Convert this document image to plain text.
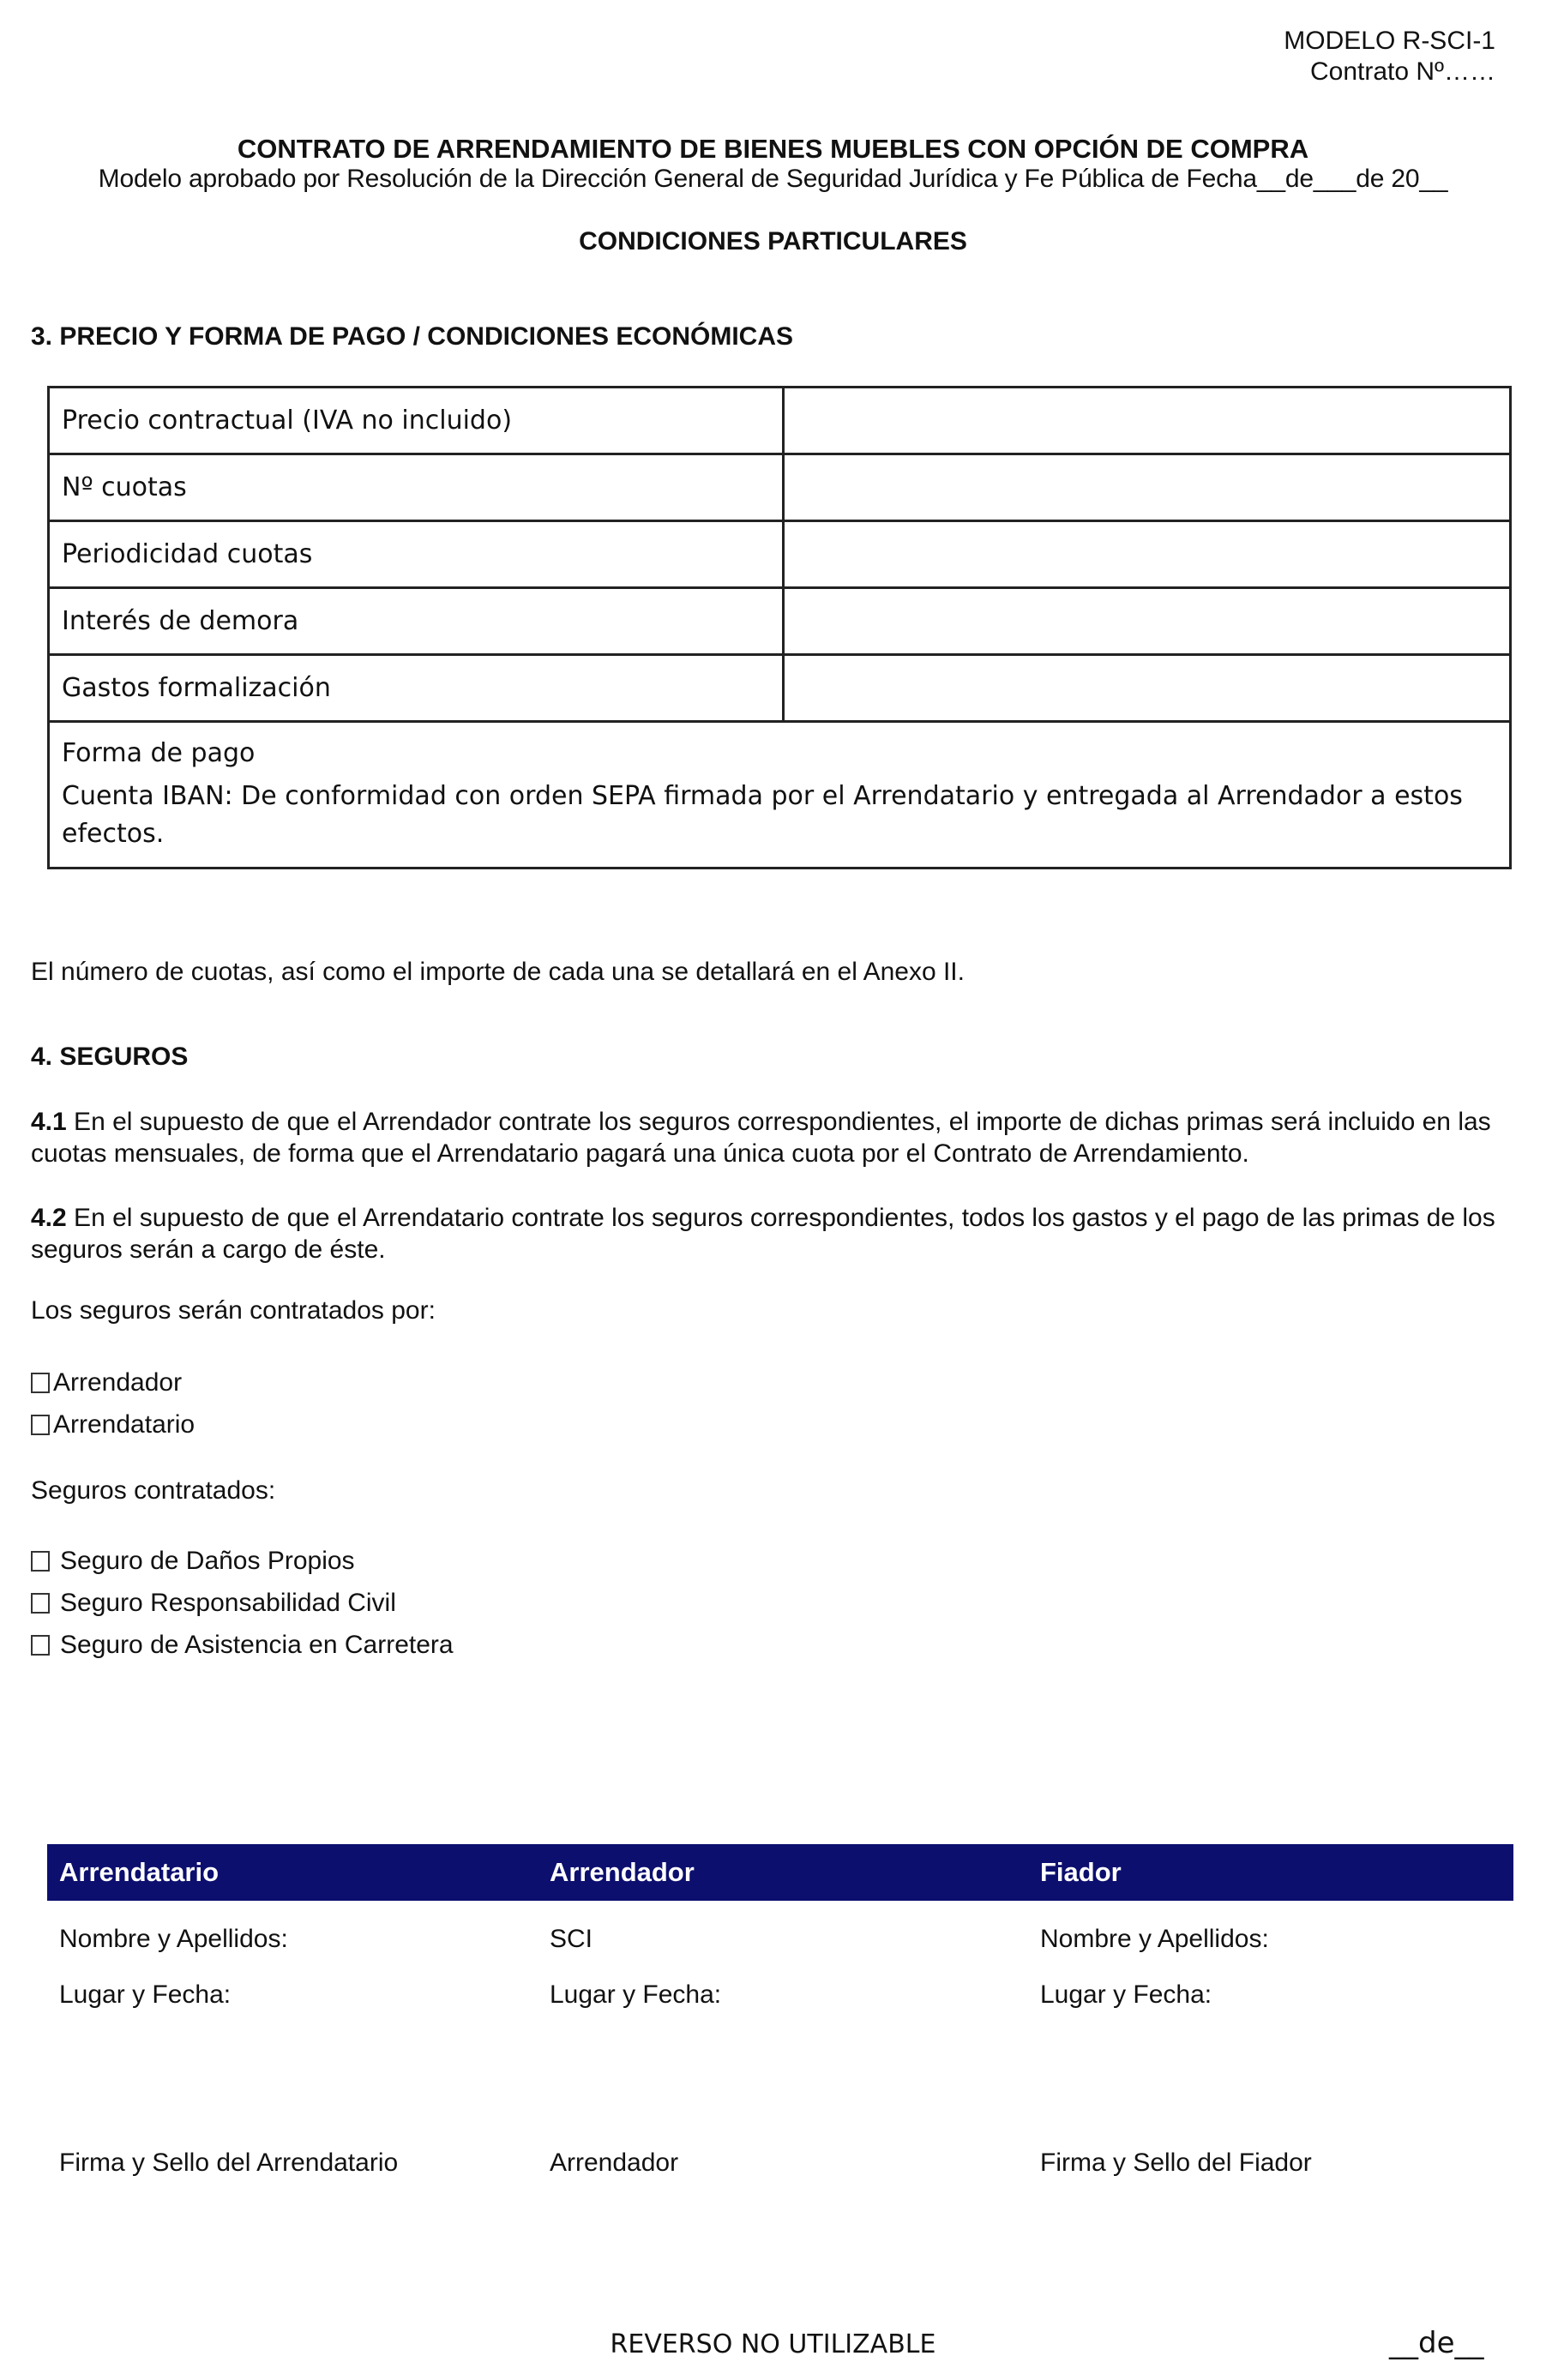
MODELO R-SCI-1
Contrato Nº……
CONTRATO DE ARRENDAMIENTO DE BIENES MUEBLES CON OPCIÓN DE COMPRA
Modelo aprobado por Resolución de la Dirección General de Seguridad Jurídica y Fe Pública de Fecha__de___de 20__
CONDICIONES PARTICULARES
3. PRECIO Y FORMA DE PAGO / CONDICIONES ECONÓMICAS
Precio contractual (IVA no incluido)	
Nº cuotas	
Periodicidad cuotas	
Interés de demora	
Gastos formalización	

Forma de pago
Cuenta IBAN: De conformidad con orden SEPA firmada por el Arrendatario y entregada al Arrendador a estos efectos.	
El número de cuotas, así como el importe de cada una se detallará en el Anexo II.
4. SEGUROS
4.1 En el supuesto de que el Arrendador contrate los seguros correspondientes, el importe de dichas primas será incluido en las cuotas mensuales, de forma que el Arrendatario pagará una única cuota por el Contrato de Arrendamiento.
4.2 En el supuesto de que el Arrendatario contrate los seguros correspondientes, todos los gastos y el pago de las primas de los seguros serán a cargo de éste.
Los seguros serán contratados por:
Arrendador
Arrendatario
Seguros contratados:
Seguro de Daños Propios
Seguro Responsabilidad Civil
Seguro de Asistencia en Carretera
Arrendatario	Arrendador	Fiador
Nombre y Apellidos:	SCI	Nombre y Apellidos:
Lugar y Fecha:	Lugar y Fecha:	Lugar y Fecha:
Firma y Sello del Arrendatario	Arrendador	Firma y Sello del Fiador
REVERSO NO UTILIZABLE	__de__
